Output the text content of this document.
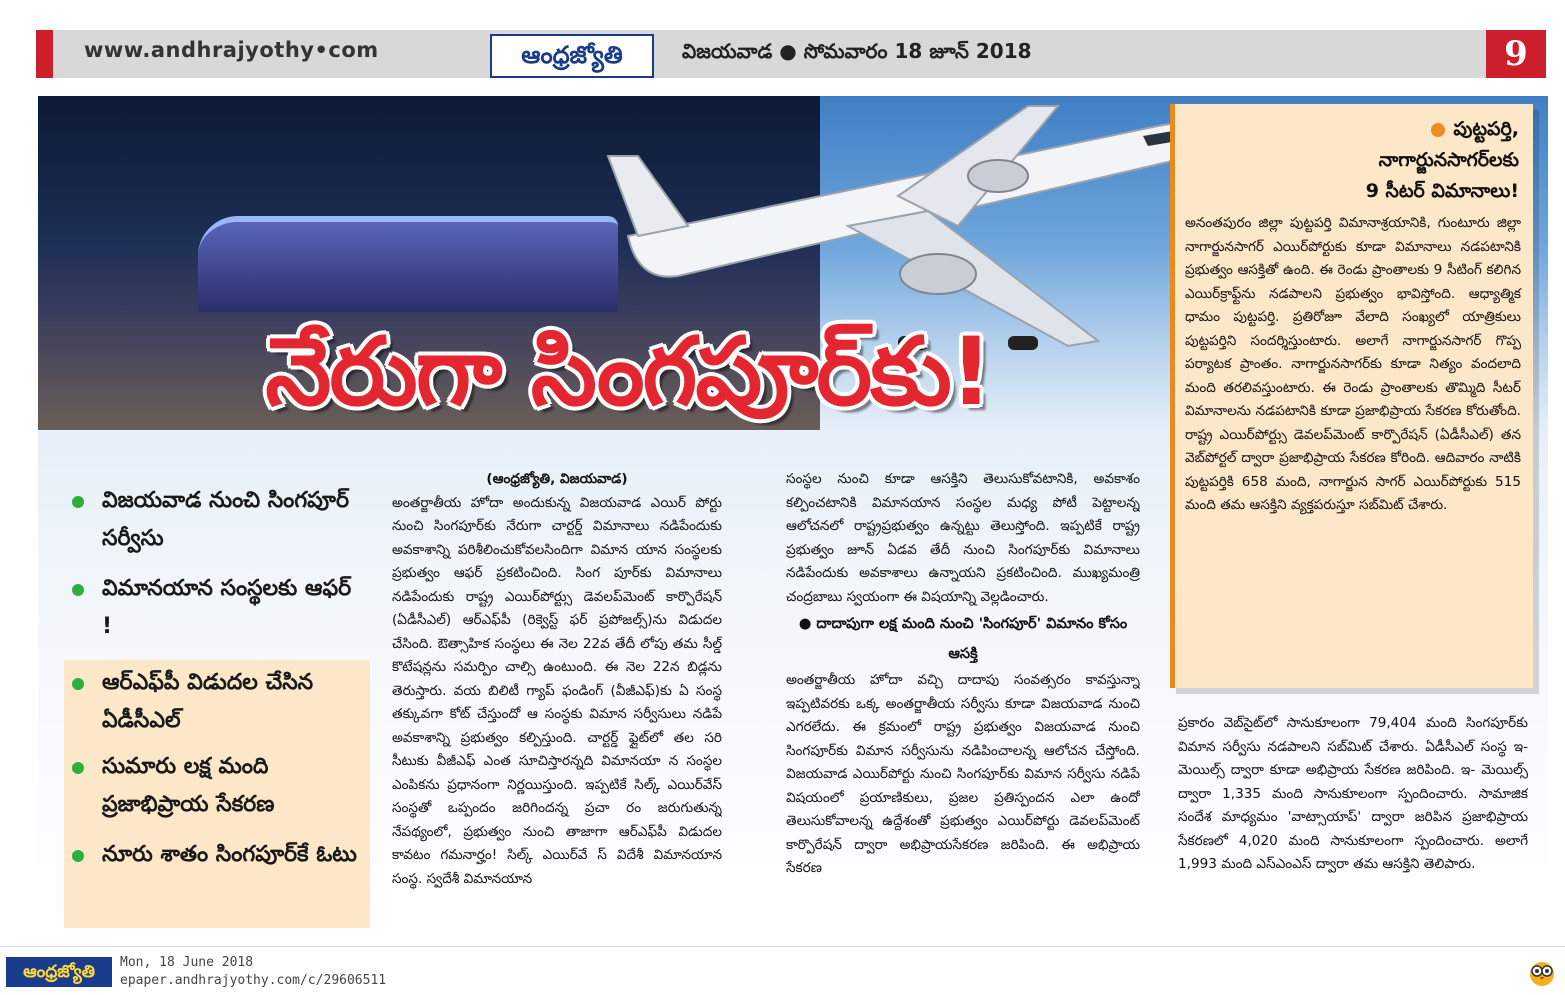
www.andhrajyothy•com	ఆంధ్రజ్యోతి	విజయవాడ ● సోమవారం 18 జూన్ 2018	9
నేరుగా సింగపూర్‌కు!
విజయవాడ నుంచి సింగపూర్ సర్వీసు
విమానయాన సంస్థలకు ఆఫర్ !
ఆర్‌ఎఫ్‌పీ విడుదల చేసిన ఏడీసీఎల్
సుమారు లక్ష మంది ప్రజాభిప్రాయ సేకరణ
నూరు శాతం సింగపూర్‌కే ఓటు
(ఆంధ్రజ్యోతి, విజయవాడ)
అంతర్జాతీయ హోదా అందుకున్న విజయవాడ ఎయిర్ పోర్టు నుంచి సింగపూర్‌కు నేరుగా చార్టర్డ్ విమానాలు నడిపేందుకు అవకాశాన్ని పరిశీలించుకోవలసిందిగా విమాన యాన సంస్థలకు ప్రభుత్వం ఆఫర్ ప్రకటించింది. సింగ పూర్‌కు విమానాలు నడిపేందుకు రాష్ట్ర ఎయిర్‌పోర్ట్సు డెవలప్‌మెంట్ కార్పొరేషన్ (ఏడీసీఎల్) ఆర్‌ఎఫ్‌పీ (రిక్వెస్ట్ ఫర్ ప్రపోజల్స్)ను విడుదల చేసింది. ఔత్సాహిక సంస్థలు ఈ నెల 22వ తేదీ లోపు తమ సీల్డ్ కొటేషన్లను సమర్పిం చాల్సి ఉంటుంది. ఈ నెల 22న బిడ్లను తెరుస్తారు. వయ బిలిటీ గ్యాప్ ఫండింగ్ (వీజీఎఫ్)కు ఏ సంస్థ తక్కువగా కోట్ చేస్తుందో ఆ సంస్థకు విమాన సర్వీసులు నడిపే అవకాశాన్ని ప్రభుత్వం కల్పిస్తుంది. చార్టర్డ్ ఫ్లైట్‌లో తల సరి సీటుకు వీజీఎఫ్ ఎంత సూచిస్తారన్నది విమానయా న సంస్థల ఎంపికను ప్రధానంగా నిర్ణయిస్తుంది. ఇప్పటికే సిల్క్ ఎయిర్‌వేస్ సంస్థతో ఒప్పందం జరిగిందన్న ప్రచా రం జరుగుతున్న నేపథ్యంలో, ప్రభుత్వం నుంచి తాజాగా ఆర్‌ఎఫ్‌పీ విడుదల కావటం గమనార్హం! సిల్క్ ఎయిర్‌వే స్ విదేశీ విమానయాన సంస్థ. స్వదేశీ విమానయాన
సంస్థల నుంచి కూడా ఆసక్తిని తెలుసుకోవటానికి, అవకాశం కల్పించటానికి విమానయాన సంస్థల మధ్య పోటీ పెట్టాలన్న ఆలోచనలో రాష్ట్రప్రభుత్వం ఉన్నట్టు తెలుస్తోంది. ఇప్పటికే రాష్ట్ర ప్రభుత్వం జూన్ ఏడవ తేదీ నుంచి సింగపూర్‌కు విమానాలు నడిపేందుకు అవకాశాలు ఉన్నాయని ప్రకటించింది. ముఖ్యమంత్రి చంద్రబాబు స్వయంగా ఈ విషయాన్ని వెల్లడించారు.
● దాదాపుగా లక్ష మంది నుంచి 'సింగపూర్' విమానం కోసం ఆసక్తి
అంతర్జాతీయ హోదా వచ్చి దాదాపు సంవత్సరం కావస్తున్నా ఇప్పటివరకు ఒక్క అంతర్జాతీయ సర్వీసు కూడా విజయవాడ నుంచి ఎగరలేదు. ఈ క్రమంలో రాష్ట్ర ప్రభుత్వం విజయవాడ నుంచి సింగపూర్‌కు విమాన సర్వీసును నడిపించాలన్న ఆలోచన చేస్తోంది. విజయవాడ ఎయిర్‌పోర్టు నుంచి సింగపూర్‌కు విమాన సర్వీసు నడిపే విషయంలో ప్రయాణికులు, ప్రజల ప్రతిస్పందన ఎలా ఉందో తెలుసుకోవాలన్న ఉద్దేశంతో ప్రభుత్వం ఎయిర్‌పోర్టు డెవలప్‌మెంట్ కార్పొరేషన్ ద్వారా అభిప్రాయసేకరణ జరిపింది. ఈ అభిప్రాయ సేకరణ
ప్రకారం వెబ్‌సైట్‌లో సానుకూలంగా 79,404 మంది సింగపూర్‌కు విమాన సర్వీసు నడపాలని సబ్‌మిట్ చేశారు. ఏడీసీఎల్ సంస్థ ఇ-మెయిల్స్ ద్వారా కూడా అభిప్రాయ సేకరణ జరిపింది. ఇ- మెయిల్స్ ద్వారా 1,335 మంది సానుకూలంగా స్పందించారు. సామాజిక సందేశ మాధ్యమం 'వాట్సాయాప్' ద్వారా జరిపిన ప్రజాభిప్రాయ సేకరణలో 4,020 మంది సానుకూలంగా స్పందించారు. అలాగే 1,993 మంది ఎస్ఎంఎస్ ద్వారా తమ ఆసక్తిని తెలిపారు.
పుట్టపర్తి,
నాగార్జునసాగర్‌లకు
9 సీటర్ విమానాలు!
అనంతపురం జిల్లా పుట్టపర్తి విమానాశ్రయానికి, గుంటూరు జిల్లా నాగార్జునసాగర్ ఎయిర్‌పోర్టుకు కూడా విమానాలు నడపటానికి ప్రభుత్వం ఆసక్తితో ఉంది. ఈ రెండు ప్రాంతాలకు 9 సీటింగ్ కలిగిన ఎయిర్‌క్రాఫ్ట్‌ను నడపాలని ప్రభుత్వం భావిస్తోంది. ఆధ్యాత్మిక ధామం పుట్టపర్తి. ప్రతిరోజూ వేలాది సంఖ్యలో యాత్రికులు పుట్టపర్తిని సందర్శిస్తుంటారు. అలాగే నాగార్జునసాగర్ గొప్ప పర్యాటక ప్రాంతం. నాగార్జునసాగర్‌కు కూడా నిత్యం వందలాది మంది తరలివస్తుంటారు. ఈ రెండు ప్రాంతాలకు తొమ్మిది సీటర్ విమానాలను నడపటానికి కూడా ప్రజాభిప్రాయ సేకరణ కోరుతోంది. రాష్ట్ర ఎయిర్‌పోర్ట్సు డెవలప్‌మెంట్ కార్పొరేషన్ (ఏడీసీఎల్) తన వెబ్‌పోర్టల్ ద్వారా ప్రజాభిప్రాయ సేకరణ కోరింది. ఆదివారం నాటికి పుట్టపర్తికి 658 మంది, నాగార్జున సాగర్ ఎయిర్‌పోర్టుకు 515 మంది తమ ఆసక్తిని వ్యక్తపరుస్తూ సబ్‌మిట్ చేశారు.
ఆంధ్రజ్యోతి	Mon, 18 June 2018
epaper.andhrajyothy.com/c/29606511
